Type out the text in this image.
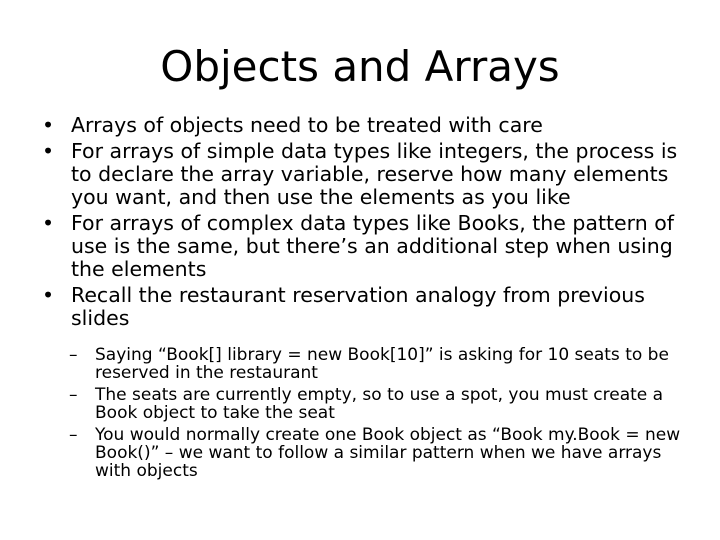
Objects and Arrays
• Arrays of objects need to be treated with care
• For arrays of simple data types like integers, the process is to declare the array variable, reserve how many elements you want, and then use the elements as you like
• For arrays of complex data types like Books, the pattern of use is the same, but there’s an additional step when using the elements
• Recall the restaurant reservation analogy from previous slides
– Saying “Book[] library = new Book[10]” is asking for 10 seats to be reserved in the restaurant
– The seats are currently empty, so to use a spot, you must create a Book object to take the seat
– You would normally create one Book object as “Book my.Book = new Book()” – we want to follow a similar pattern when we have arrays with objects
